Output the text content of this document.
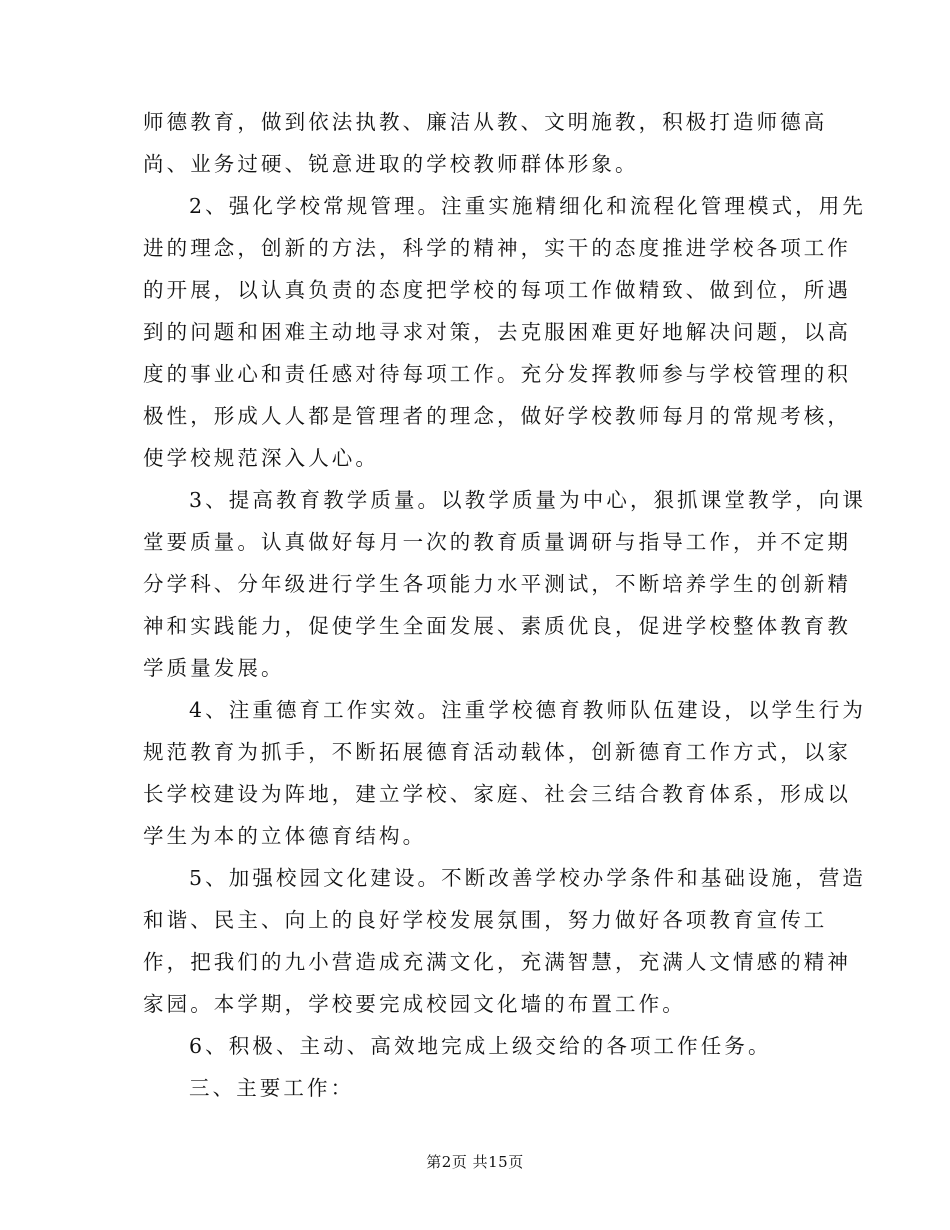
师德教育，做到依法执教、廉洁从教、文明施教，积极打造师德高
尚、业务过硬、锐意进取的学校教师群体形象。
2、强化学校常规管理。注重实施精细化和流程化管理模式，用先
进的理念，创新的方法，科学的精神，实干的态度推进学校各项工作
的开展，以认真负责的态度把学校的每项工作做精致、做到位，所遇
到的问题和困难主动地寻求对策，去克服困难更好地解决问题，以高
度的事业心和责任感对待每项工作。充分发挥教师参与学校管理的积
极性，形成人人都是管理者的理念，做好学校教师每月的常规考核，
使学校规范深入人心。
3、提高教育教学质量。以教学质量为中心，狠抓课堂教学，向课
堂要质量。认真做好每月一次的教育质量调研与指导工作，并不定期
分学科、分年级进行学生各项能力水平测试，不断培养学生的创新精
神和实践能力，促使学生全面发展、素质优良，促进学校整体教育教
学质量发展。
4、注重德育工作实效。注重学校德育教师队伍建设，以学生行为
规范教育为抓手，不断拓展德育活动载体，创新德育工作方式，以家
长学校建设为阵地，建立学校、家庭、社会三结合教育体系，形成以
学生为本的立体德育结构。
5、加强校园文化建设。不断改善学校办学条件和基础设施，营造
和谐、民主、向上的良好学校发展氛围，努力做好各项教育宣传工
作，把我们的九小营造成充满文化，充满智慧，充满人文情感的精神
家园。本学期，学校要完成校园文化墙的布置工作。
6、积极、主动、高效地完成上级交给的各项工作任务。
三、主要工作：
第2页 共15页
